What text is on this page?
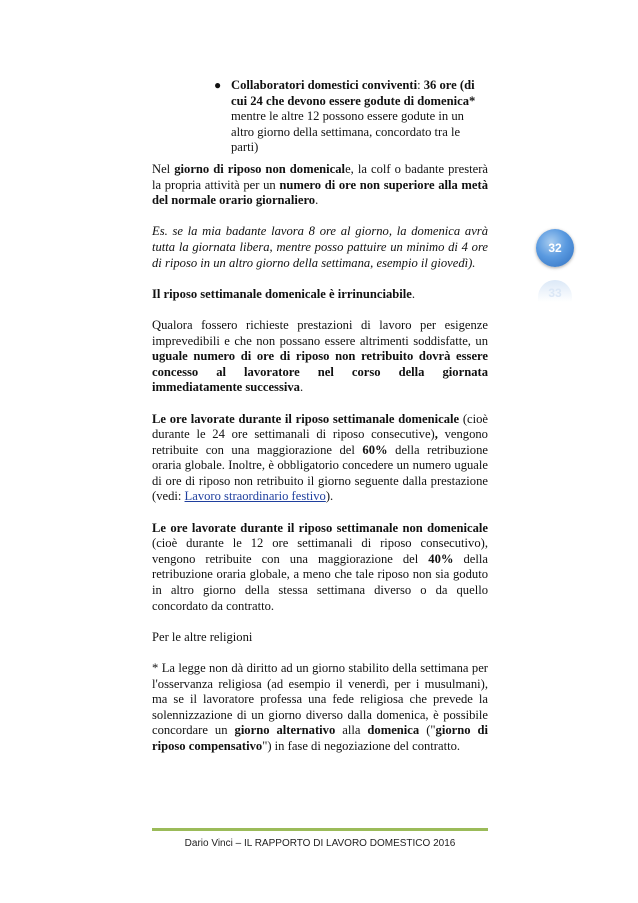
● Collaboratori domestici conviventi: 36 ore (di cui 24 che devono essere godute di domenica* mentre le altre 12 possono essere godute in un altro giorno della settimana, concordato tra le parti)

Nel giorno di riposo non domenicale, la colf o badante presterà la propria attività per un numero di ore non superiore alla metà del normale orario giornaliero.

Es. se la mia badante lavora 8 ore al giorno, la domenica avrà tutta la giornata libera, mentre posso pattuire un minimo di 4 ore di riposo in un altro giorno della settimana, esempio il giovedì).

Il riposo settimanale domenicale è irrinunciabile.

Qualora fossero richieste prestazioni di lavoro per esigenze imprevedibili e che non possano essere altrimenti soddisfatte, un uguale numero di ore di riposo non retribuito dovrà essere concesso al lavoratore nel corso della giornata immediatamente successiva.

Le ore lavorate durante il riposo settimanale domenicale (cioè durante le 24 ore settimanali di riposo consecutive), vengono retribuite con una maggiorazione del 60% della retribuzione oraria globale. Inoltre, è obbligatorio concedere un numero uguale di ore di riposo non retribuito il giorno seguente dalla prestazione (vedi: Lavoro straordinario festivo).

Le ore lavorate durante il riposo settimanale non domenicale (cioè durante le 12 ore settimanali di riposo consecutivo), vengono retribuite con una maggiorazione del 40% della retribuzione oraria globale, a meno che tale riposo non sia goduto in altro giorno della stessa settimana diverso o da quello concordato da contratto.

Per le altre religioni

* La legge non dà diritto ad un giorno stabilito della settimana per l'osservanza religiosa (ad esempio il venerdì, per i musulmani), ma se il lavoratore professa una fede religiosa che prevede la solennizzazione di un giorno diverso dalla domenica, è possibile concordare un giorno alternativo alla domenica ("giorno di riposo compensativo") in fase di negoziazione del contratto.

32
33
Dario Vinci – IL RAPPORTO DI LAVORO DOMESTICO 2016
